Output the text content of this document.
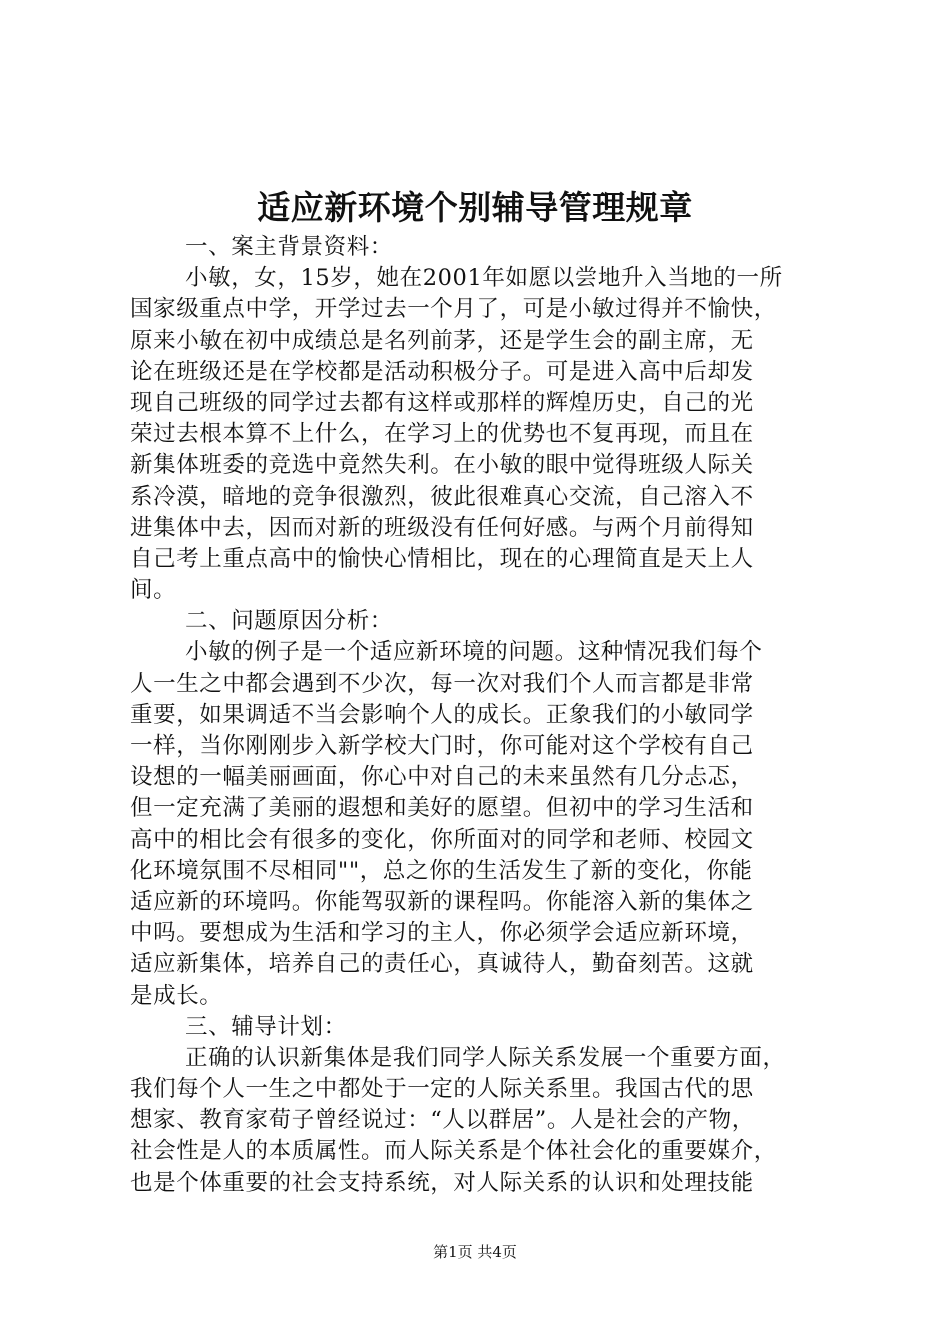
适应新环境个别辅导管理规章
一、案主背景资料：
小敏，女，15岁，她在2001年如愿以尝地升入当地的一所
国家级重点中学，开学过去一个月了，可是小敏过得并不愉快，
原来小敏在初中成绩总是名列前茅，还是学生会的副主席，无
论在班级还是在学校都是活动积极分子。可是进入高中后却发
现自己班级的同学过去都有这样或那样的辉煌历史，自己的光
荣过去根本算不上什么，在学习上的优势也不复再现，而且在
新集体班委的竞选中竟然失利。在小敏的眼中觉得班级人际关
系冷漠，暗地的竞争很激烈，彼此很难真心交流，自己溶入不
进集体中去，因而对新的班级没有任何好感。与两个月前得知
自己考上重点高中的愉快心情相比，现在的心理简直是天上人
间。
二、问题原因分析：
小敏的例子是一个适应新环境的问题。这种情况我们每个
人一生之中都会遇到不少次，每一次对我们个人而言都是非常
重要，如果调适不当会影响个人的成长。正象我们的小敏同学
一样，当你刚刚步入新学校大门时，你可能对这个学校有自己
设想的一幅美丽画面，你心中对自己的未来虽然有几分忐忑，
但一定充满了美丽的遐想和美好的愿望。但初中的学习生活和
高中的相比会有很多的变化，你所面对的同学和老师、校园文
化环境氛围不尽相同""，总之你的生活发生了新的变化，你能
适应新的环境吗。你能驾驭新的课程吗。你能溶入新的集体之
中吗。要想成为生活和学习的主人，你必须学会适应新环境，
适应新集体，培养自己的责任心，真诚待人，勤奋刻苦。这就
是成长。
三、辅导计划：
正确的认识新集体是我们同学人际关系发展一个重要方面，
我们每个人一生之中都处于一定的人际关系里。我国古代的思
想家、教育家荀子曾经说过：“人以群居”。人是社会的产物，
社会性是人的本质属性。而人际关系是个体社会化的重要媒介，
也是个体重要的社会支持系统，对人际关系的认识和处理技能
第1页 共4页
